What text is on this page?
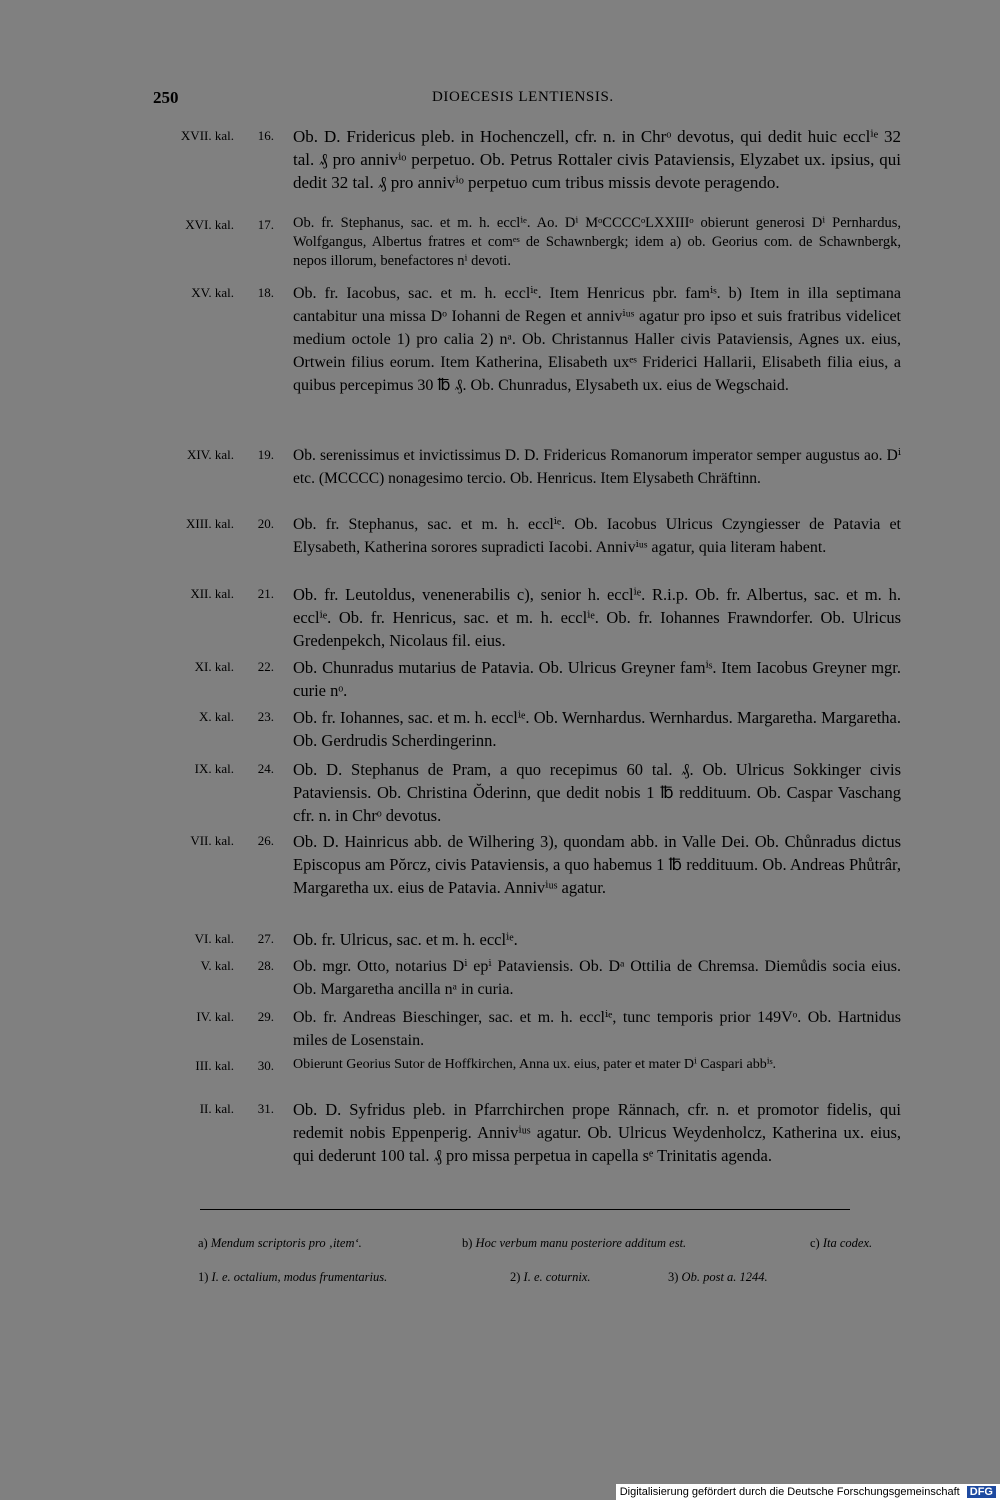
250	DIOECESIS LENTIENSIS.
XVII. kal.	16. Ob. D. Fridericus pleb. in Hochenczell, cfr. n. in Chrᵒ devotus, qui dedit huic ecclⁱᵉ 32 tal. ₰ pro annivⁱᵒ perpetuo. Ob. Petrus Rottaler civis Pataviensis, Elyzabet ux. ipsius, qui dedit 32 tal. ₰ pro annivⁱᵒ perpetuo cum tribus missis devote peragendo.
XVI. kal.	17. Ob. fr. Stephanus, sac. et m. h. ecclⁱᵉ. Ao. Dⁱ MᵒCCCCᵒLXXIIIᵒ obierunt generosi Dⁱ Pernhardus, Wolfgangus, Albertus fratres et comᵉˢ de Schawnbergk; idem a) ob. Georius com. de Schawnbergk, nepos illorum, benefactores nⁱ devoti.
XV. kal.	18. Ob. fr. Iacobus, sac. et m. h. ecclⁱᵉ. Item Henricus pbr. famⁱˢ. b) Item in illa septimana cantabitur una missa Dᵒ Iohanni de Regen et annivⁱᵘˢ agatur pro ipso et suis fratribus videlicet medium octole 1) pro calia 2) nᵃ. Ob. Christannus Haller civis Pataviensis, Agnes ux. eius, Ortwein filius eorum. Item Katherina, Elisabeth uxᵉˢ Friderici Hallarii, Elisabeth filia eius, a quibus percepimus 30 ℔ ₰. Ob. Chunradus, Elysabeth ux. eius de Wegschaid.
XIV. kal.	19. Ob. serenissimus et invictissimus D. D. Fridericus Romanorum imperator semper augustus ao. Dⁱ etc. (MCCCC) nonagesimo tercio. Ob. Henricus. Item Elysabeth Chräftinn.
XIII. kal.	20. Ob. fr. Stephanus, sac. et m. h. ecclⁱᵉ. Ob. Iacobus Ulricus Czyngiesser de Patavia et Elysabeth, Katherina sorores supradicti Iacobi. Annivⁱᵘˢ agatur, quia literam habent.
XII. kal.	21. Ob. fr. Leutoldus, venenerabilis c), senior h. ecclⁱᵉ. R.i.p. Ob. fr. Albertus, sac. et m. h. ecclⁱᵉ. Ob. fr. Henricus, sac. et m. h. ecclⁱᵉ. Ob. fr. Iohannes Frawndorfer. Ob. Ulricus Gredenpekch, Nicolaus fil. eius.
XI. kal.	22. Ob. Chunradus mutarius de Patavia. Ob. Ulricus Greyner famⁱˢ. Item Iacobus Greyner mgr. curie nᵒ.
X. kal.	23. Ob. fr. Iohannes, sac. et m. h. ecclⁱᵉ. Ob. Wernhardus. Wernhardus. Margaretha. Margaretha. Ob. Gerdrudis Scherdingerinn.
IX. kal.	24. Ob. D. Stephanus de Pram, a quo recepimus 60 tal. ₰. Ob. Ulricus Sokkinger civis Pataviensis. Ob. Christina Ŏderinn, que dedit nobis 1 ℔ reddituum. Ob. Caspar Vaschang cfr. n. in Chrᵒ devotus.
VII. kal.	26. Ob. D. Hainricus abb. de Wilhering 3), quondam abb. in Valle Dei. Ob. Chůnradus dictus Episcopus am Pŏrcz, civis Pataviensis, a quo habemus 1 ℔ reddituum. Ob. Andreas Phůtrâr, Margaretha ux. eius de Patavia. Annivⁱᵘˢ agatur.
VI. kal.	27. Ob. fr. Ulricus, sac. et m. h. ecclⁱᵉ.
V. kal.	28. Ob. mgr. Otto, notarius Dⁱ epⁱ Pataviensis. Ob. Dᵃ Ottilia de Chremsa. Diemůdis socia eius. Ob. Margaretha ancilla nᵃ in curia.
IV. kal.	29. Ob. fr. Andreas Bieschinger, sac. et m. h. ecclⁱᵉ, tunc temporis prior 149Vᵒ. Ob. Hartnidus miles de Losenstain.
III. kal.	30. Obierunt Georius Sutor de Hoffkirchen, Anna ux. eius, pater et mater Dⁱ Caspari abbⁱˢ.
II. kal.	31. Ob. D. Syfridus pleb. in Pfarrchirchen prope Rännach, cfr. n. et promotor fidelis, qui redemit nobis Eppenperig. Annivⁱᵘˢ agatur. Ob. Ulricus Weydenholcz, Katherina ux. eius, qui dederunt 100 tal. ₰ pro missa perpetua in capella sᵉ Trinitatis agenda.
a) Mendum scriptoris pro ‚item‘.	b) Hoc verbum manu posteriore additum est.	c) Ita codex.
1) I. e. octalium, modus frumentarius.	2) I. e. coturnix.	3) Ob. post a. 1244.
Digitalisierung gefördert durch die Deutsche Forschungsgemeinschaft DFG
